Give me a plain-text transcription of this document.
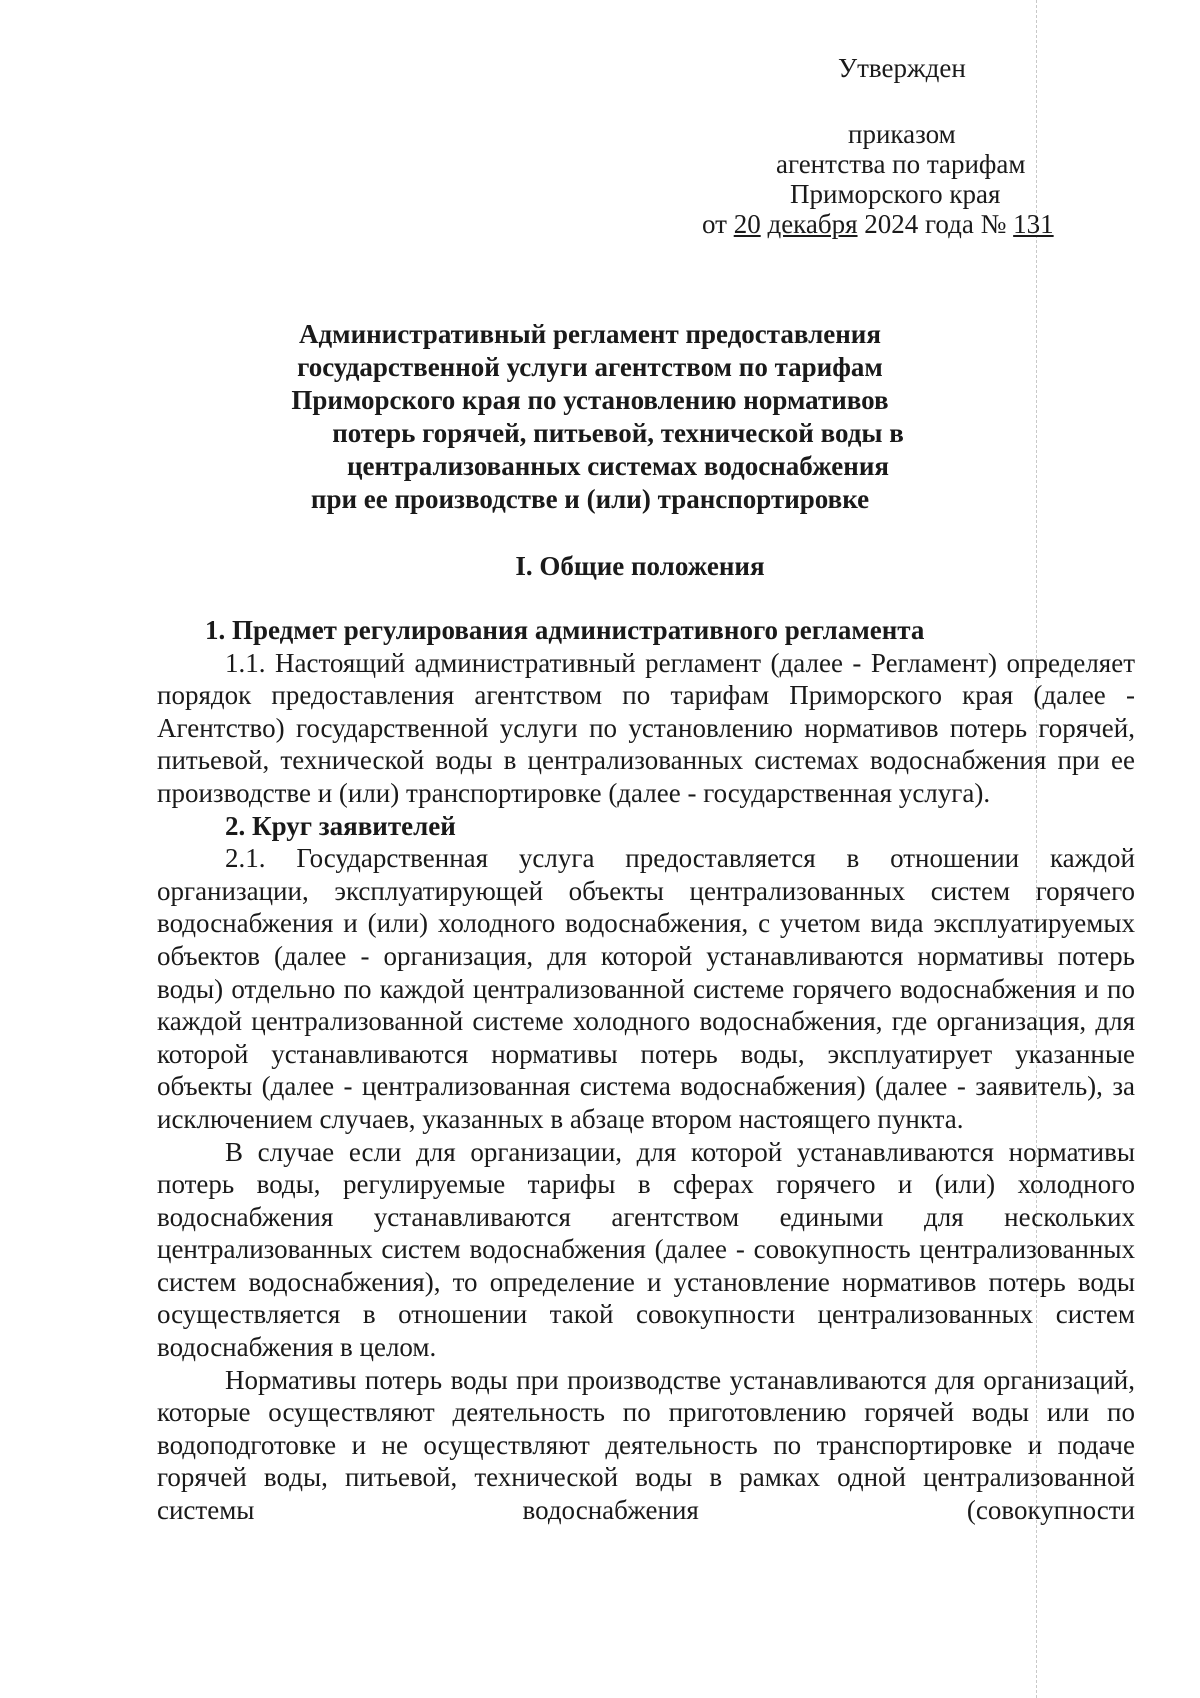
Утвержден
приказом
агентства по тарифам
Приморского края
от 20 декабря 2024 года № 131
Административный регламент предоставления
государственной услуги агентством по тарифам
Приморского края по установлению нормативов
потерь горячей, питьевой, технической воды в
централизованных системах водоснабжения
при ее производстве и (или) транспортировке
I. Общие положения

1. Предмет регулирования административного регламента

1.1. Настоящий административный регламент (далее - Регламент) определяет порядок предоставления агентством по тарифам Приморского края (далее - Агентство) государственной услуги по установлению нормативов потерь горячей, питьевой, технической воды в централизованных системах водоснабжения при ее производстве и (или) транспортировке (далее - государственная услуга).

2. Круг заявителей

2.1. Государственная услуга предоставляется в отношении каждой организации, эксплуатирующей объекты централизованных систем горячего водоснабжения и (или) холодного водоснабжения, с учетом вида эксплуатируемых объектов (далее - организация, для которой устанавливаются нормативы потерь воды) отдельно по каждой централизованной системе горячего водоснабжения и по каждой централизованной системе холодного водоснабжения, где организация, для которой устанавливаются нормативы потерь воды, эксплуатирует указанные объекты (далее - централизованная система водоснабжения) (далее - заявитель), за исключением случаев, указанных в абзаце втором настоящего пункта.

В случае если для организации, для которой устанавливаются нормативы потерь воды, регулируемые тарифы в сферах горячего и (или) холодного водоснабжения устанавливаются агентством едиными для нескольких централизованных систем водоснабжения (далее - совокупность централизованных систем водоснабжения), то определение и установление нормативов потерь воды осуществляется в отношении такой совокупности централизованных систем водоснабжения в целом.

Нормативы потерь воды при производстве устанавливаются для организаций, которые осуществляют деятельность по приготовлению горячей воды или по водоподготовке и не осуществляют деятельность по транспортировке и подаче горячей воды, питьевой, технической воды в рамках одной централизованной системы водоснабжения (совокупности
